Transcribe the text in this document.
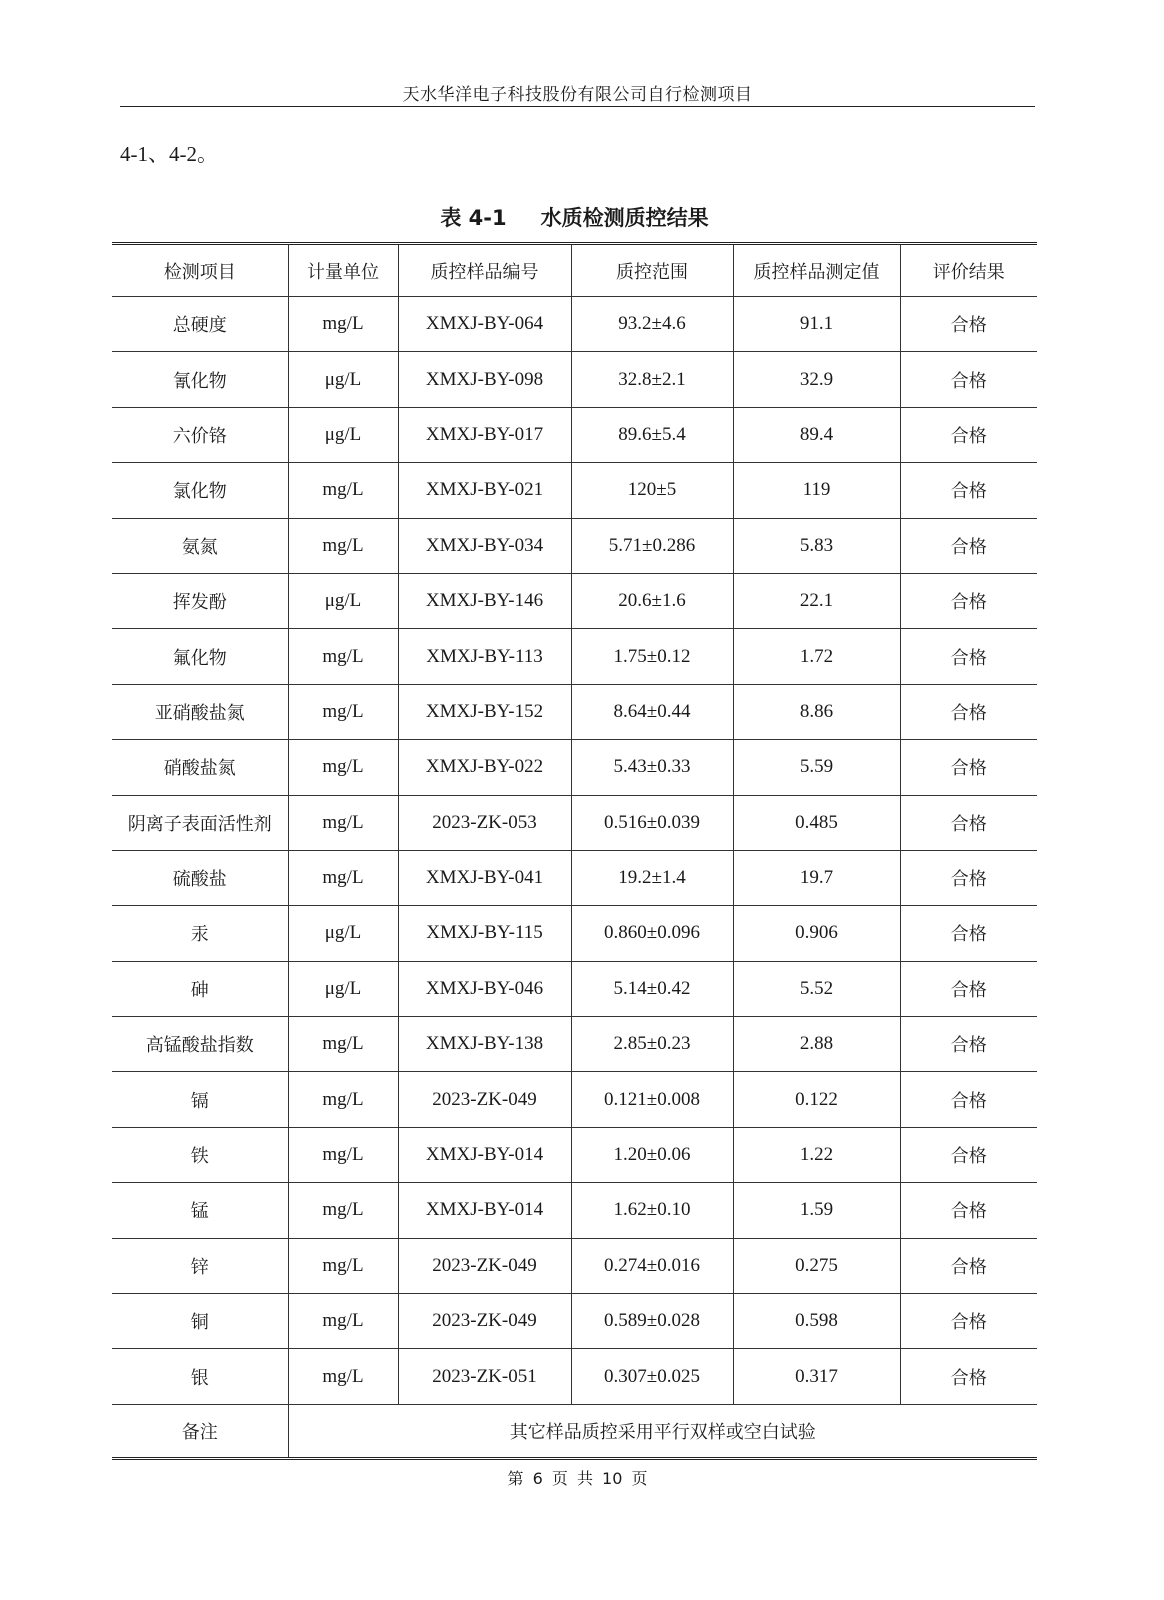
天水华洋电子科技股份有限公司自行检测项目
4-1、4-2。
表 4-1 水质检测质控结果
检测项目	计量单位	质控样品编号	质控范围	质控样品测定值	评价结果
总硬度	mg/L	XMXJ-BY-064	93.2±4.6	91.1	合格
氰化物	μg/L	XMXJ-BY-098	32.8±2.1	32.9	合格
六价铬	μg/L	XMXJ-BY-017	89.6±5.4	89.4	合格
氯化物	mg/L	XMXJ-BY-021	120±5	119	合格
氨氮	mg/L	XMXJ-BY-034	5.71±0.286	5.83	合格
挥发酚	μg/L	XMXJ-BY-146	20.6±1.6	22.1	合格
氟化物	mg/L	XMXJ-BY-113	1.75±0.12	1.72	合格
亚硝酸盐氮	mg/L	XMXJ-BY-152	8.64±0.44	8.86	合格
硝酸盐氮	mg/L	XMXJ-BY-022	5.43±0.33	5.59	合格
阴离子表面活性剂	mg/L	2023-ZK-053	0.516±0.039	0.485	合格
硫酸盐	mg/L	XMXJ-BY-041	19.2±1.4	19.7	合格
汞	μg/L	XMXJ-BY-115	0.860±0.096	0.906	合格
砷	μg/L	XMXJ-BY-046	5.14±0.42	5.52	合格
高锰酸盐指数	mg/L	XMXJ-BY-138	2.85±0.23	2.88	合格
镉	mg/L	2023-ZK-049	0.121±0.008	0.122	合格
铁	mg/L	XMXJ-BY-014	1.20±0.06	1.22	合格
锰	mg/L	XMXJ-BY-014	1.62±0.10	1.59	合格
锌	mg/L	2023-ZK-049	0.274±0.016	0.275	合格
铜	mg/L	2023-ZK-049	0.589±0.028	0.598	合格
银	mg/L	2023-ZK-051	0.307±0.025	0.317	合格
备注	其它样品质控采用平行双样或空白试验				
第 6 页 共 10 页
